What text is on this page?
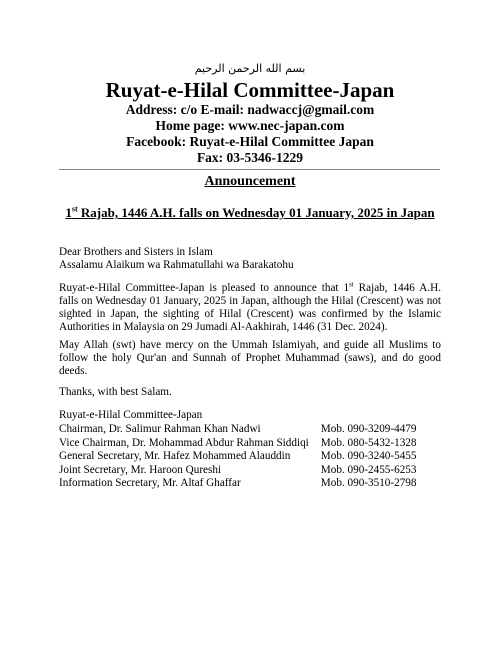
بسم الله الرحمن الرحيم
Ruyat-e-Hilal Committee-Japan
Address: c/o E-mail: nadwaccj@gmail.com
Home page: www.nec-japan.com
Facebook: Ruyat-e-Hilal Committee Japan
Fax: 03-5346-1229
Announcement
1st Rajab, 1446 A.H. falls on Wednesday 01 January, 2025 in Japan
Dear Brothers and Sisters in Islam
Assalamu Alaikum wa Rahmatullahi wa Barakatohu
Ruyat-e-Hilal Committee-Japan is pleased to announce that 1st Rajab, 1446 A.H. falls on Wednesday 01 January, 2025 in Japan, although the Hilal (Crescent) was not sighted in Japan, the sighting of Hilal (Crescent) was confirmed by the Islamic Authorities in Malaysia on 29 Jumadi Al-Aakhirah, 1446 (31 Dec. 2024).
May Allah (swt) have mercy on the Ummah Islamiyah, and guide all Muslims to follow the holy Qur'an and Sunnah of Prophet Muhammad (saws), and do good deeds.
Thanks, with best Salam.
Ruyat-e-Hilal Committee-Japan
Chairman, Dr. Salimur Rahman Khan Nadwi	Mob. 090-3209-4479
Vice Chairman, Dr. Mohammad Abdur Rahman Siddiqi	Mob. 080-5432-1328
General Secretary, Mr. Hafez Mohammed Alauddin	Mob. 090-3240-5455
Joint Secretary, Mr. Haroon Qureshi	Mob. 090-2455-6253
Information Secretary, Mr. Altaf Ghaffar	Mob. 090-3510-2798
